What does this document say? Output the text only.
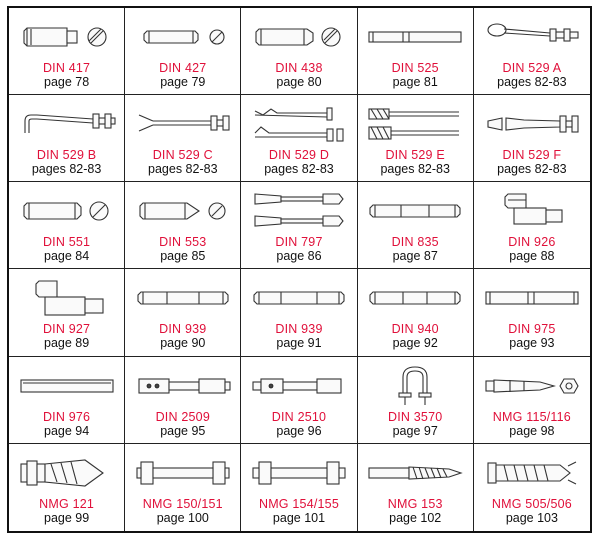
DIN 417
page 78
DIN 427
page 79
DIN 438
page 80
DIN 525
page 81
DIN 529 A
pages 82-83
DIN 529 B
pages 82-83
DIN 529 C
pages 82-83
DIN 529 D
pages 82-83
DIN 529 E
pages 82-83
DIN 529 F
pages 82-83
DIN 551
page 84
DIN 553
page 85
DIN 797
page 86
DIN 835
page 87
DIN 926
page 88
DIN 927
page 89
DIN 939
page 90
DIN 939
page 91
DIN 940
page 92
DIN 975
page 93
DIN 976
page 94
DIN 2509
page 95
DIN 2510
page 96
DIN 3570
page 97
NMG 115/116
page 98
NMG 121
page 99
NMG 150/151
page 100
NMG 154/155
page 101
NMG 153
page 102
NMG 505/506
page 103
